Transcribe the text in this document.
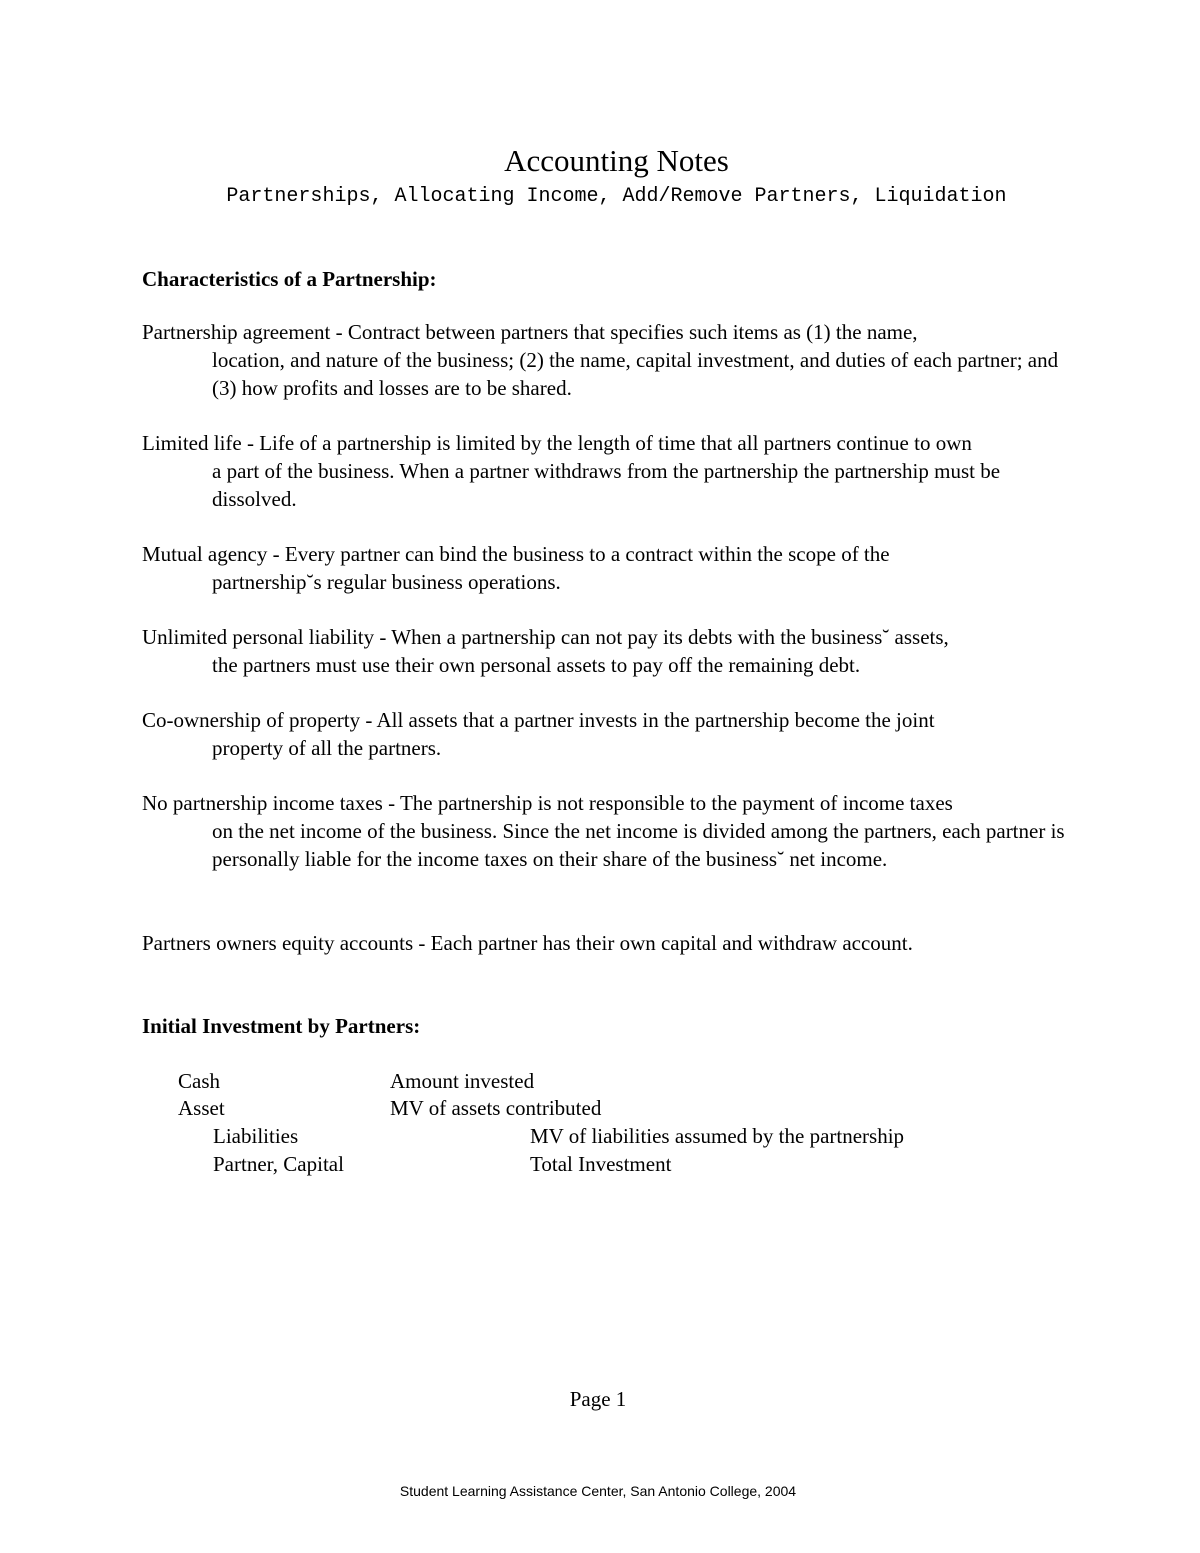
Accounting Notes
Partnerships, Allocating Income, Add/Remove Partners, Liquidation
Characteristics of a Partnership:
Partnership agreement - Contract between partners that specifies such items as (1) the name,
location, and nature of the business; (2) the name, capital investment, and duties of each partner; and (3) how profits and losses are to be shared.
Limited life - Life of a partnership is limited by the length of time that all partners continue to own
a part of the business. When a partner withdraws from the partnership the partnership must be dissolved.
Mutual agency - Every partner can bind the business to a contract within the scope of the
partnership˘s regular business operations.
Unlimited personal liability - When a partnership can not pay its debts with the business˘ assets,
the partners must use their own personal assets to pay off the remaining debt.
Co-ownership of property - All assets that a partner invests in the partnership become the joint
property of all the partners.
No partnership income taxes - The partnership is not responsible to the payment of income taxes
on the net income of the business. Since the net income is divided among the partners, each partner is personally liable for the income taxes on their share of the business˘ net income.
Partners owners equity accounts - Each partner has their own capital and withdraw account.
Initial Investment by Partners:
Cash	Amount invested
Asset	MV of assets contributed
Liabilities	MV of liabilities assumed by the partnership
Partner, Capital	Total Investment
Page 1
Student Learning Assistance Center, San Antonio College, 2004
